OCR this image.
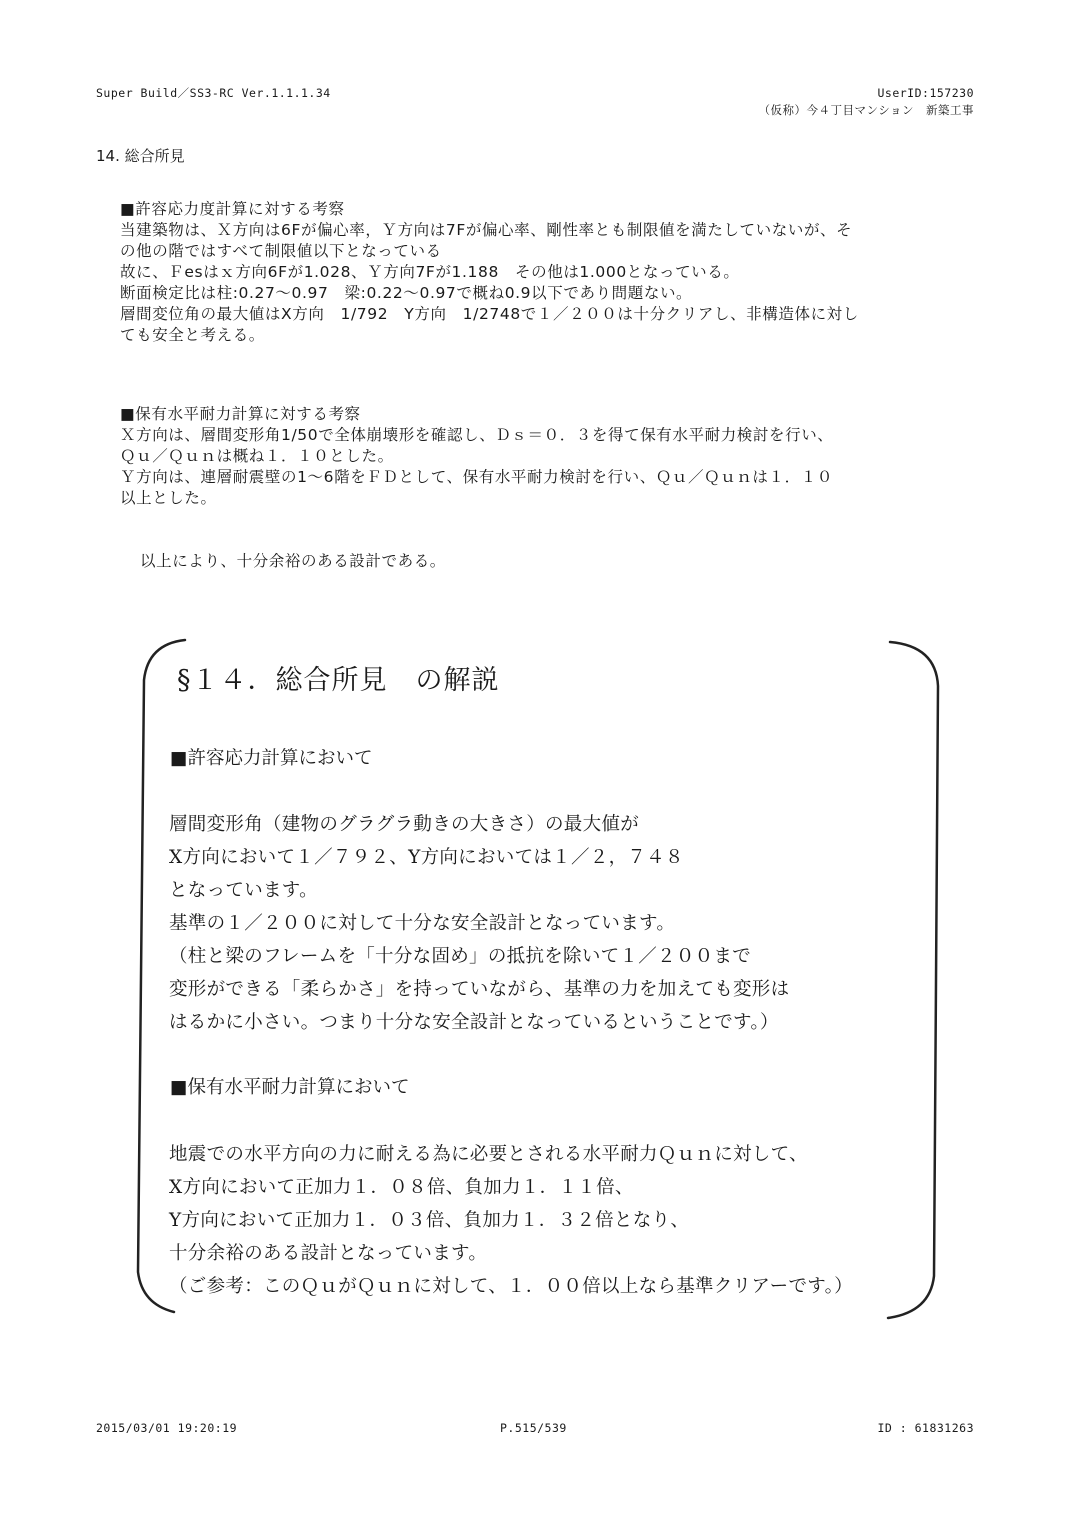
Super Build／SS3-RC Ver.1.1.1.34	UserID:157230
（仮称）今４丁目マンション　新築工事
14. 総合所見
■許容応力度計算に対する考察
当建築物は、Ｘ方向は6Fが偏心率，Ｙ方向は7Fが偏心率、剛性率とも制限値を満たしていないが、そ
の他の階ではすべて制限値以下となっている
故に、Ｆesはｘ方向6Fが1.028、Ｙ方向7Fが1.188　その他は1.000となっている。
断面検定比は柱:0.27～0.97　梁:0.22～0.97で概ね0.9以下であり問題ない。
層間変位角の最大値はX方向　1/792　Y方向　1/2748で１／２００は十分クリアし、非構造体に対し
ても安全と考える。
■保有水平耐力計算に対する考察
Ｘ方向は、層間変形角1/50で全体崩壊形を確認し、Ｄｓ＝０．３を得て保有水平耐力検討を行い、
Ｑｕ／Ｑｕｎは概ね１．１０とした。
Ｙ方向は、連層耐震壁の1～6階をＦＤとして、保有水平耐力検討を行い、Ｑｕ／Ｑｕｎは１．１０
以上とした。
以上により、十分余裕のある設計である。
§１４．総合所見　の解説
■許容応力計算において
層間変形角（建物のグラグラ動きの大きさ）の最大値が
X方向において１／７９２、Y方向においては１／２，７４８
となっています。
基準の１／２００に対して十分な安全設計となっています。
（柱と梁のフレームを「十分な固め」の抵抗を除いて１／２００まで
変形ができる「柔らかさ」を持っていながら、基準の力を加えても変形は
はるかに小さい。つまり十分な安全設計となっているということです。）
■保有水平耐力計算において
地震での水平方向の力に耐える為に必要とされる水平耐力Ｑｕｎに対して、
X方向において正加力１．０８倍、負加力１．１１倍、
Y方向において正加力１．０３倍、負加力１．３２倍となり、
十分余裕のある設計となっています。
（ご参考：このＱｕがＱｕｎに対して、１．００倍以上なら基準クリアーです。）
2015/03/01 19:20:19	P.515/539	ID : 61831263
